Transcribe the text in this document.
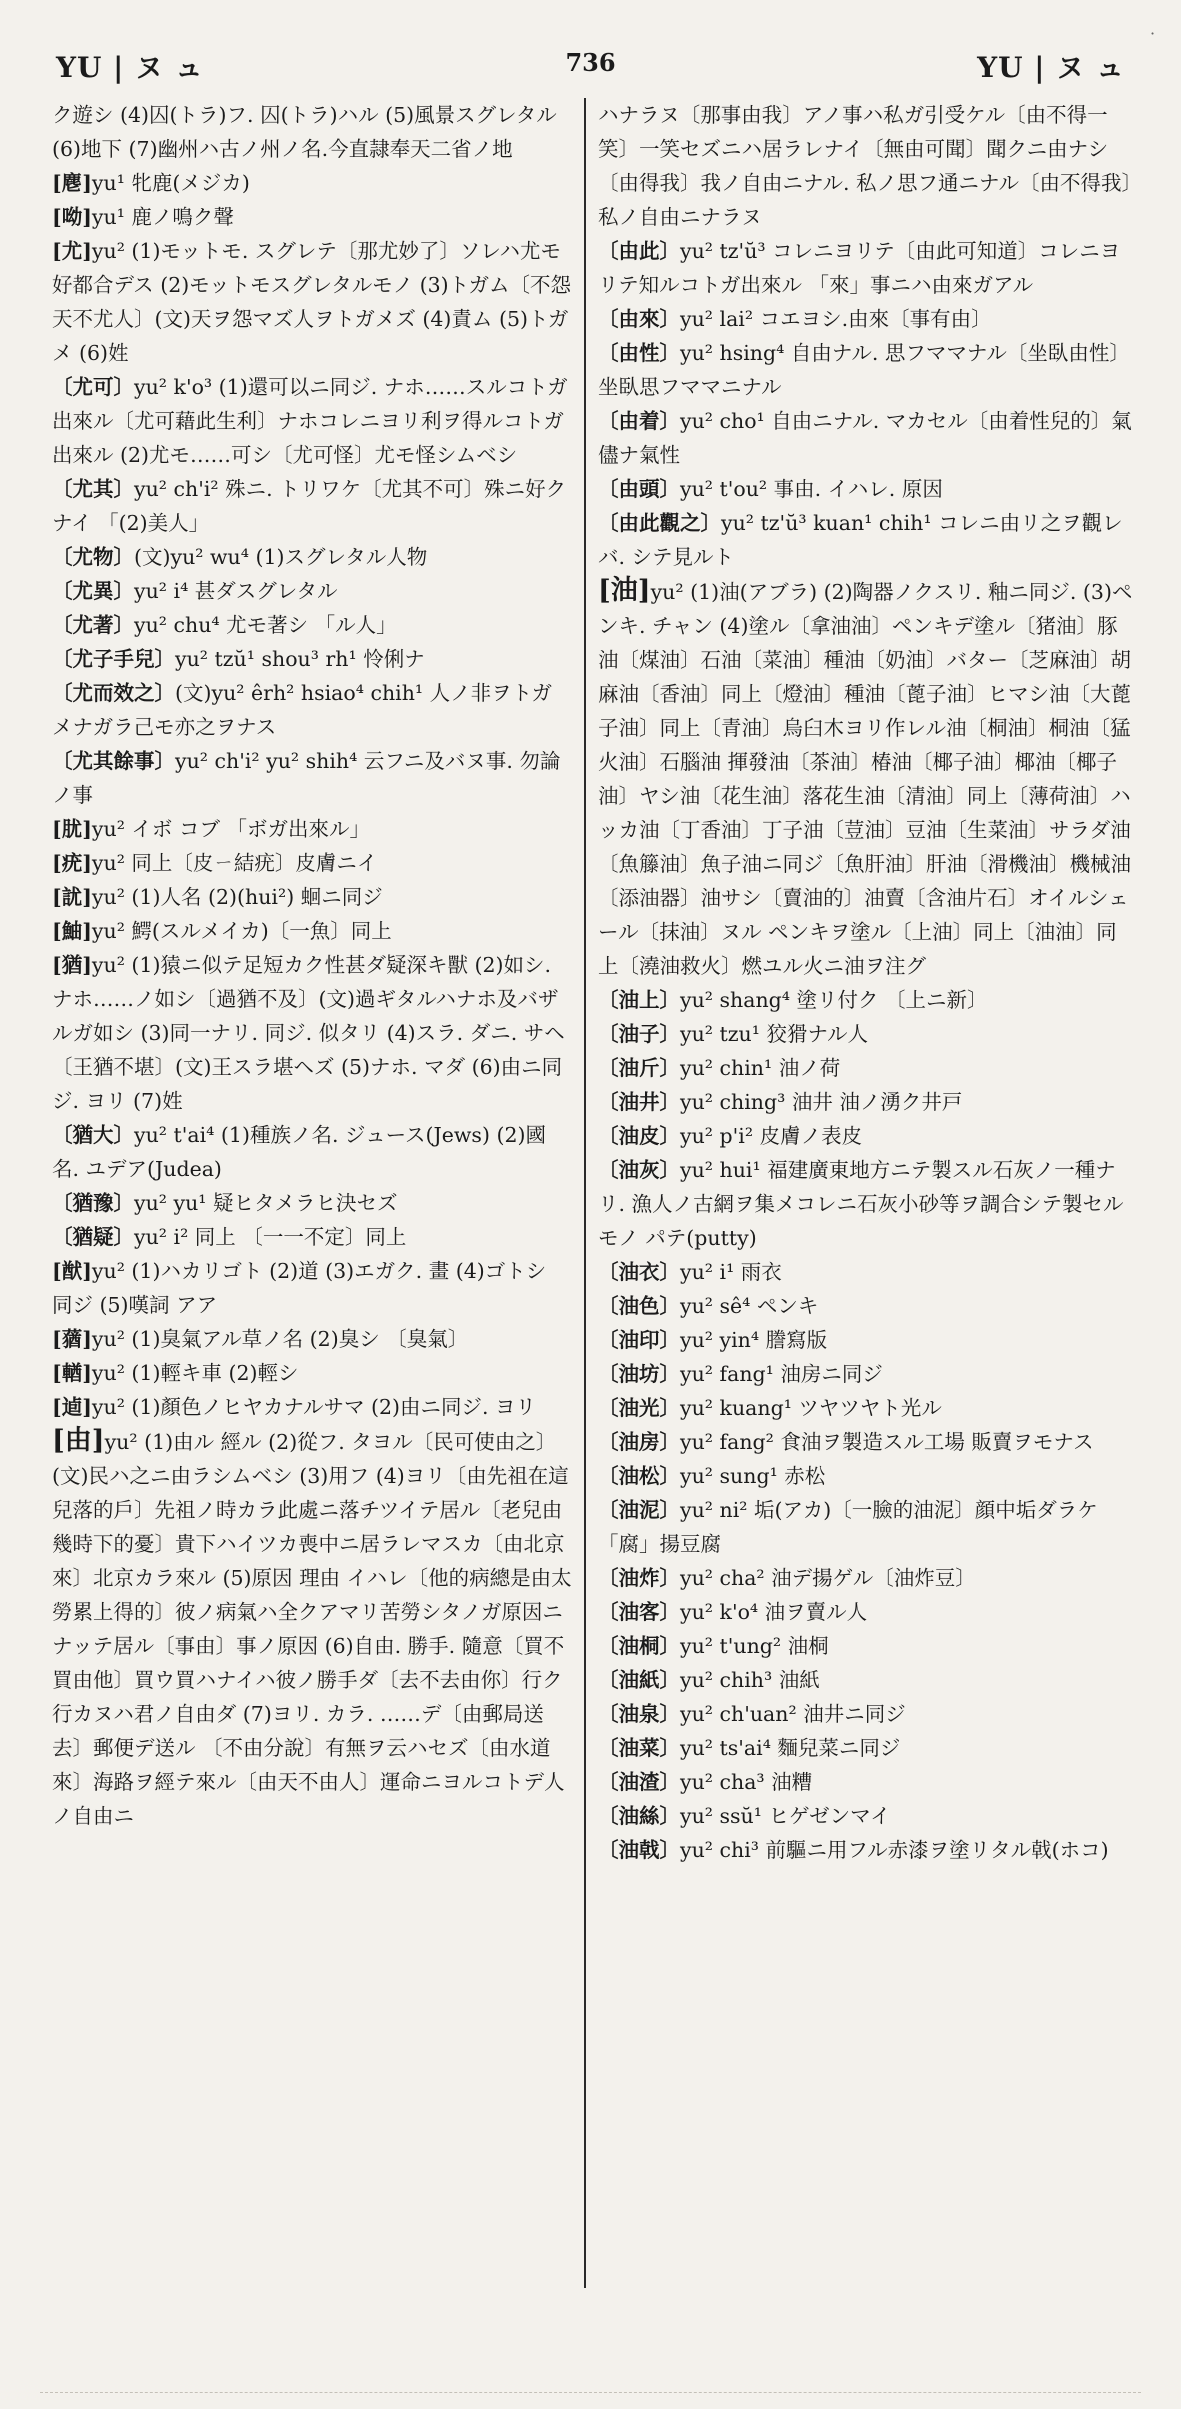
YU | ヌ ュ	736	YU | ヌ ュ

ク遊シ (4)囚(トラ)フ. 囚(トラ)ハル (5)風景スグレタル (6)地下 (7)幽州ハ古ノ州ノ名.今直隷奉天二省ノ地

[麀]yu¹ 牝鹿(メジカ)

[呦]yu¹ 鹿ノ鳴ク聲

[尤]yu² (1)モットモ. スグレテ〔那尤妙了〕ソレハ尤モ好都合デス (2)モットモスグレタルモノ (3)トガム〔不怨天不尤人〕(文)天ヲ怨マズ人ヲトガメズ (4)責ム (5)トガメ (6)姓

〔尤可〕yu² k'o³ (1)還可以ニ同ジ. ナホ……スルコトガ出來ル〔尤可藉此生利〕ナホコレニヨリ利ヲ得ルコトガ出來ル (2)尤モ……可シ〔尤可怪〕尤モ怪シムベシ

〔尤其〕yu² ch'i² 殊ニ. トリワケ〔尤其不可〕殊ニ好クナイ 「(2)美人」

〔尤物〕(文)yu² wu⁴ (1)スグレタル人物

〔尤異〕yu² i⁴ 甚ダスグレタル

〔尤著〕yu² chu⁴ 尤モ著シ 「ル人」

〔尤子手兒〕yu² tzŭ¹ shou³ rh¹ 怜俐ナ

〔尤而效之〕(文)yu² êrh² hsiao⁴ chih¹ 人ノ非ヲトガメナガラ己モ亦之ヲナス

〔尤其餘事〕yu² ch'i² yu² shih⁴ 云フニ及バヌ事. 勿論ノ事

[肬]yu² イボ コブ 「ボガ出來ル」

[疣]yu² 同上〔皮ㄧ結疣〕皮膚ニイ

[訧]yu² (1)人名 (2)(hui²) 蛔ニ同ジ

[鮋]yu² 鰐(スルメイカ)〔一魚〕同上

[猶]yu² (1)猿ニ似テ足短カク性甚ダ疑深キ獸 (2)如シ. ナホ……ノ如シ〔過猶不及〕(文)過ギタルハナホ及バザルガ如シ (3)同一ナリ. 同ジ. 似タリ (4)スラ. ダニ. サヘ〔王猶不堪〕(文)王スラ堪ヘズ (5)ナホ. マダ (6)由ニ同ジ. ヨリ (7)姓

〔猶大〕yu² t'ai⁴ (1)種族ノ名. ジュース(Jews) (2)國名. ユデア(Judea)

〔猶豫〕yu² yu¹ 疑ヒタメラヒ決セズ

〔猶疑〕yu² i² 同上 〔一一不定〕同上

[猷]yu² (1)ハカリゴト (2)道 (3)エガク. 畫 (4)ゴトシ 同ジ (5)嘆詞 アア

[蕕]yu² (1)臭氣アル草ノ名 (2)臭シ 〔臭氣〕

[輶]yu² (1)輕キ車 (2)輕シ

[逌]yu² (1)顏色ノヒヤカナルサマ (2)由ニ同ジ. ヨリ

[由]yu² (1)由ル 經ル (2)從フ. タヨル〔民可使由之〕(文)民ハ之ニ由ラシムベシ (3)用フ (4)ヨリ〔由先祖在這兒落的戶〕先祖ノ時カラ此處ニ落チツイテ居ル〔老兒由幾時下的憂〕貴下ハイツカ喪中ニ居ラレマスカ〔由北京來〕北京カラ來ル (5)原因 理由 イハレ〔他的病總是由太勞累上得的〕彼ノ病氣ハ全クアマリ苦勞シタノガ原因ニナッテ居ル〔事由〕事ノ原因 (6)自由. 勝手. 隨意〔買不買由他〕買ウ買ハナイハ彼ノ勝手ダ〔去不去由你〕行ク行カヌハ君ノ自由ダ (7)ヨリ. カラ. ……デ〔由郵局送去〕郵便デ送ル 〔不由分說〕有無ヲ云ハセズ〔由水道來〕海路ヲ經テ來ル〔由天不由人〕運命ニヨルコトデ人ノ自由ニ

ハナラヌ〔那事由我〕アノ事ハ私ガ引受ケル〔由不得一笑〕一笑セズニハ居ラレナイ〔無由可聞〕聞クニ由ナシ〔由得我〕我ノ自由ニナル. 私ノ思フ通ニナル〔由不得我〕私ノ自由ニナラヌ

〔由此〕yu² tz'ŭ³ コレニヨリテ〔由此可知道〕コレニヨリテ知ルコトガ出來ル 「來」事ニハ由來ガアル

〔由來〕yu² lai² コエヨシ.由來〔事有由〕

〔由性〕yu² hsing⁴ 自由ナル. 思フママナル〔坐臥由性〕坐臥思フママニナル

〔由着〕yu² cho¹ 自由ニナル. マカセル〔由着性兒的〕氣儘ナ氣性

〔由頭〕yu² t'ou² 事由. イハレ. 原因

〔由此觀之〕yu² tz'ŭ³ kuan¹ chih¹ コレニ由リ之ヲ觀レバ. シテ見ルト

[油]yu² (1)油(アブラ) (2)陶器ノクスリ. 釉ニ同ジ. (3)ペンキ. チャン (4)塗ル〔拿油油〕ペンキデ塗ル〔猪油〕豚油〔煤油〕石油〔菜油〕種油〔奶油〕バター〔芝麻油〕胡麻油〔香油〕同上〔燈油〕種油〔蓖子油〕ヒマシ油〔大蓖子油〕同上〔青油〕烏臼木ヨリ作レル油〔桐油〕桐油〔猛火油〕石腦油 揮發油〔茶油〕椿油〔椰子油〕椰油〔椰子油〕ヤシ油〔花生油〕落花生油〔清油〕同上〔薄荷油〕ハッカ油〔丁香油〕丁子油〔荳油〕豆油〔生菜油〕サラダ油〔魚籐油〕魚子油ニ同ジ〔魚肝油〕肝油〔滑機油〕機械油〔添油器〕油サシ〔賣油的〕油賣〔含油片石〕オイルシェール〔抹油〕ヌル ペンキヲ塗ル〔上油〕同上〔油油〕同上〔澆油救火〕燃ユル火ニ油ヲ注グ

〔油上〕yu² shang⁴ 塗リ付ク 〔上ニ新〕

〔油子〕yu² tzu¹ 狡猾ナル人

〔油斤〕yu² chin¹ 油ノ荷

〔油井〕yu² ching³ 油井 油ノ湧ク井戸

〔油皮〕yu² p'i² 皮膚ノ表皮

〔油灰〕yu² hui¹ 福建廣東地方ニテ製スル石灰ノ一種ナリ. 漁人ノ古網ヲ集メコレニ石灰小砂等ヲ調合シテ製セルモノ パテ(putty)

〔油衣〕yu² i¹ 雨衣

〔油色〕yu² sê⁴ ペンキ

〔油印〕yu² yin⁴ 謄寫版

〔油坊〕yu² fang¹ 油房ニ同ジ

〔油光〕yu² kuang¹ ツヤツヤト光ル

〔油房〕yu² fang² 食油ヲ製造スル工場 販賣ヲモナス

〔油松〕yu² sung¹ 赤松

〔油泥〕yu² ni² 垢(アカ)〔一臉的油泥〕顔中垢ダラケ 「腐」揚豆腐

〔油炸〕yu² cha² 油デ揚ゲル〔油炸豆〕

〔油客〕yu² k'o⁴ 油ヲ賣ル人

〔油桐〕yu² t'ung² 油桐

〔油紙〕yu² chih³ 油紙

〔油泉〕yu² ch'uan² 油井ニ同ジ

〔油菜〕yu² ts'ai⁴ 麵兒菜ニ同ジ

〔油渣〕yu² cha³ 油糟

〔油絲〕yu² ssŭ¹ ヒゲゼンマイ

〔油戟〕yu² chi³ 前驅ニ用フル赤漆ヲ塗リタル戟(ホコ)

·
